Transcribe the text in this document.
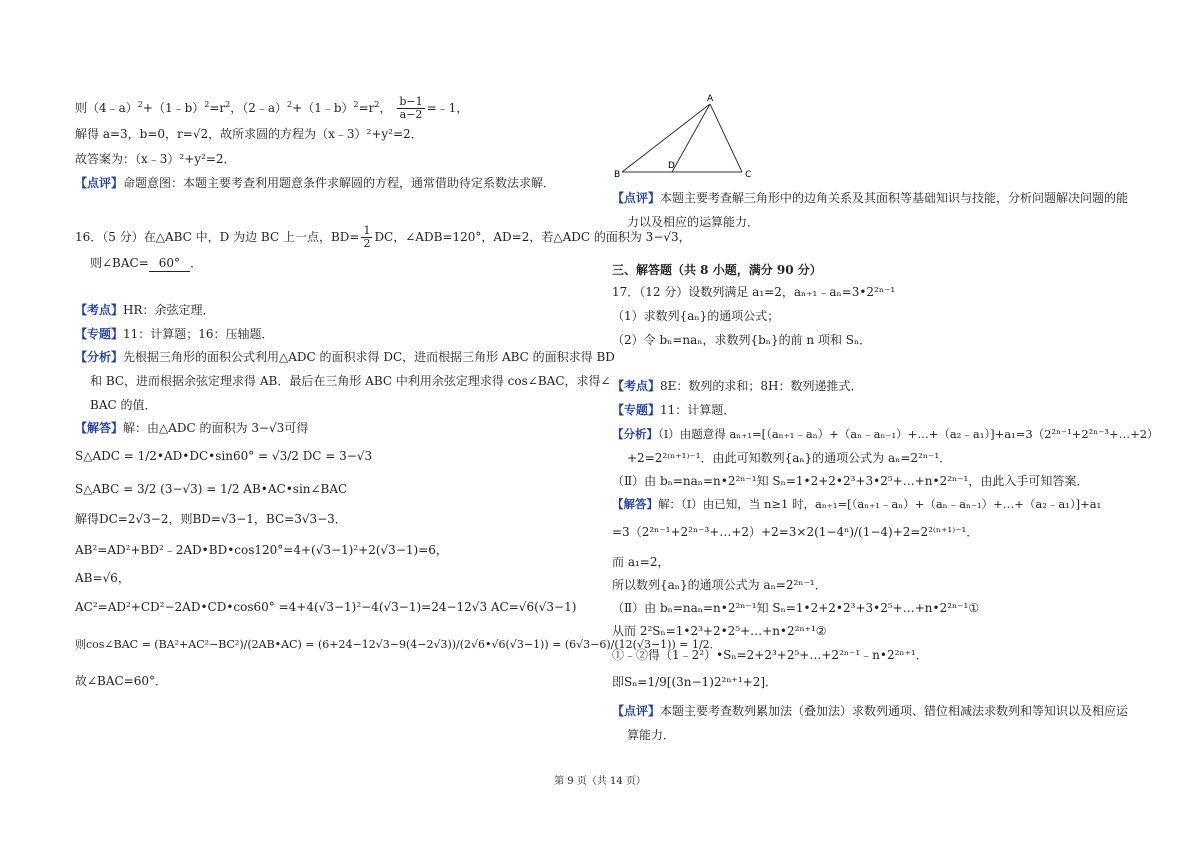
则$(4﹣a)^2+(1﹣b)^2=r^2$，$(2﹣a)^2+(1﹣b)^2=r^2$， $\frac{b-1}{a-2}$ =﹣1，
解得 a=3，b=0，r=√2，故所求圆的方程为（x﹣3）²+y²=2．
故答案为：（x﹣3）²+y²=2．
【点评】命题意图：本题主要考查利用题意条件求解圆的方程，通常借助待定系数法求解．
16．（5 分）在△ABC 中，D 为边 BC 上一点，$BD= \frac{1}{2}$ DC，∠ADB=120°，AD=2，若△ADC 的面积为 3−√3，
则∠BAC= 60° ．
【考点】HR：余弦定理．
【专题】11：计算题；16：压轴题．
【分析】先根据三角形的面积公式利用△ADC 的面积求得 DC，进而根据三角形 ABC 的面积求得 BD
和 BC，进而根据余弦定理求得 AB．最后在三角形 ABC 中利用余弦定理求得 cos∠BAC，求得∠
BAC 的值．
【解答】解：由△ADC 的面积为 3−√3可得
S△ADC = 1/2•AD•DC•sin60° = √3/2 DC = 3−√3
S△ABC = 3/2 (3−√3) = 1/2 AB•AC•sin∠BAC
解得DC=2√3−2，则BD=√3−1，BC=3√3−3．
AB²=AD²+BD²﹣2AD•BD•cos120°=4+(√3−1)²+2(√3−1)=6，
AB=√6，
AC²=AD²+CD²−2AD•CD•cos60° =4+4(√3−1)²−4(√3−1)=24−12√3 AC=√6(√3−1)
则cos∠BAC = (BA²+AC²−BC²)/(2AB•AC) = (6+24−12√3−9(4−2√3))/(2√6•√6(√3−1)) = (6√3−6)/(12(√3−1)) = 1/2．
故∠BAC=60°．
A
B	C
D
【点评】本题主要考查解三角形中的边角关系及其面积等基础知识与技能，分析问题解决问题的能
力以及相应的运算能力．
三、解答题（共 8 小题，满分 90 分）
17．（12 分）设数列满足 a₁=2，aₙ₊₁﹣aₙ=3•2²ⁿ⁻¹
（1）求数列{aₙ}的通项公式；
（2）令 bₙ=naₙ，求数列{bₙ}的前 n 项和 Sₙ．
【考点】8E：数列的求和；8H：数列递推式．
【专题】11：计算题．
【分析】（Ⅰ）由题意得 aₙ₊₁=[（aₙ₊₁﹣aₙ）+（aₙ﹣aₙ₋₁）+…+（a₂﹣a₁）]+a₁=3（2²ⁿ⁻¹+2²ⁿ⁻³+…+2）
+2=2²⁽ⁿ⁺¹⁾⁻¹．由此可知数列{aₙ}的通项公式为 aₙ=2²ⁿ⁻¹．
（Ⅱ）由 bₙ=naₙ=n•2²ⁿ⁻¹知 Sₙ=1•2+2•2³+3•2⁵+…+n•2²ⁿ⁻¹，由此入手可知答案．
【解答】解：（Ⅰ）由已知，当 n≥1 时，aₙ₊₁=[（aₙ₊₁﹣aₙ）+（aₙ﹣aₙ₋₁）+…+（a₂﹣a₁）]+a₁
=3（2²ⁿ⁻¹+2²ⁿ⁻³+…+2）+2=3×2(1−4ⁿ)/(1−4)+2=2²⁽ⁿ⁺¹⁾⁻¹．
而 a₁=2，
所以数列{aₙ}的通项公式为 aₙ=2²ⁿ⁻¹．
（Ⅱ）由 bₙ=naₙ=n•2²ⁿ⁻¹知 Sₙ=1•2+2•2³+3•2⁵+…+n•2²ⁿ⁻¹①
从而 2²Sₙ=1•2³+2•2⁵+…+n•2²ⁿ⁺¹②
①﹣②得（1﹣2²）•Sₙ=2+2³+2⁵+…+2²ⁿ⁻¹﹣n•2²ⁿ⁺¹．
即Sₙ=1/9[(3n−1)2²ⁿ⁺¹+2]．
【点评】本题主要考查数列累加法（叠加法）求数列通项、错位相减法求数列和等知识以及相应运
算能力．
第 9 页（共 14 页）
